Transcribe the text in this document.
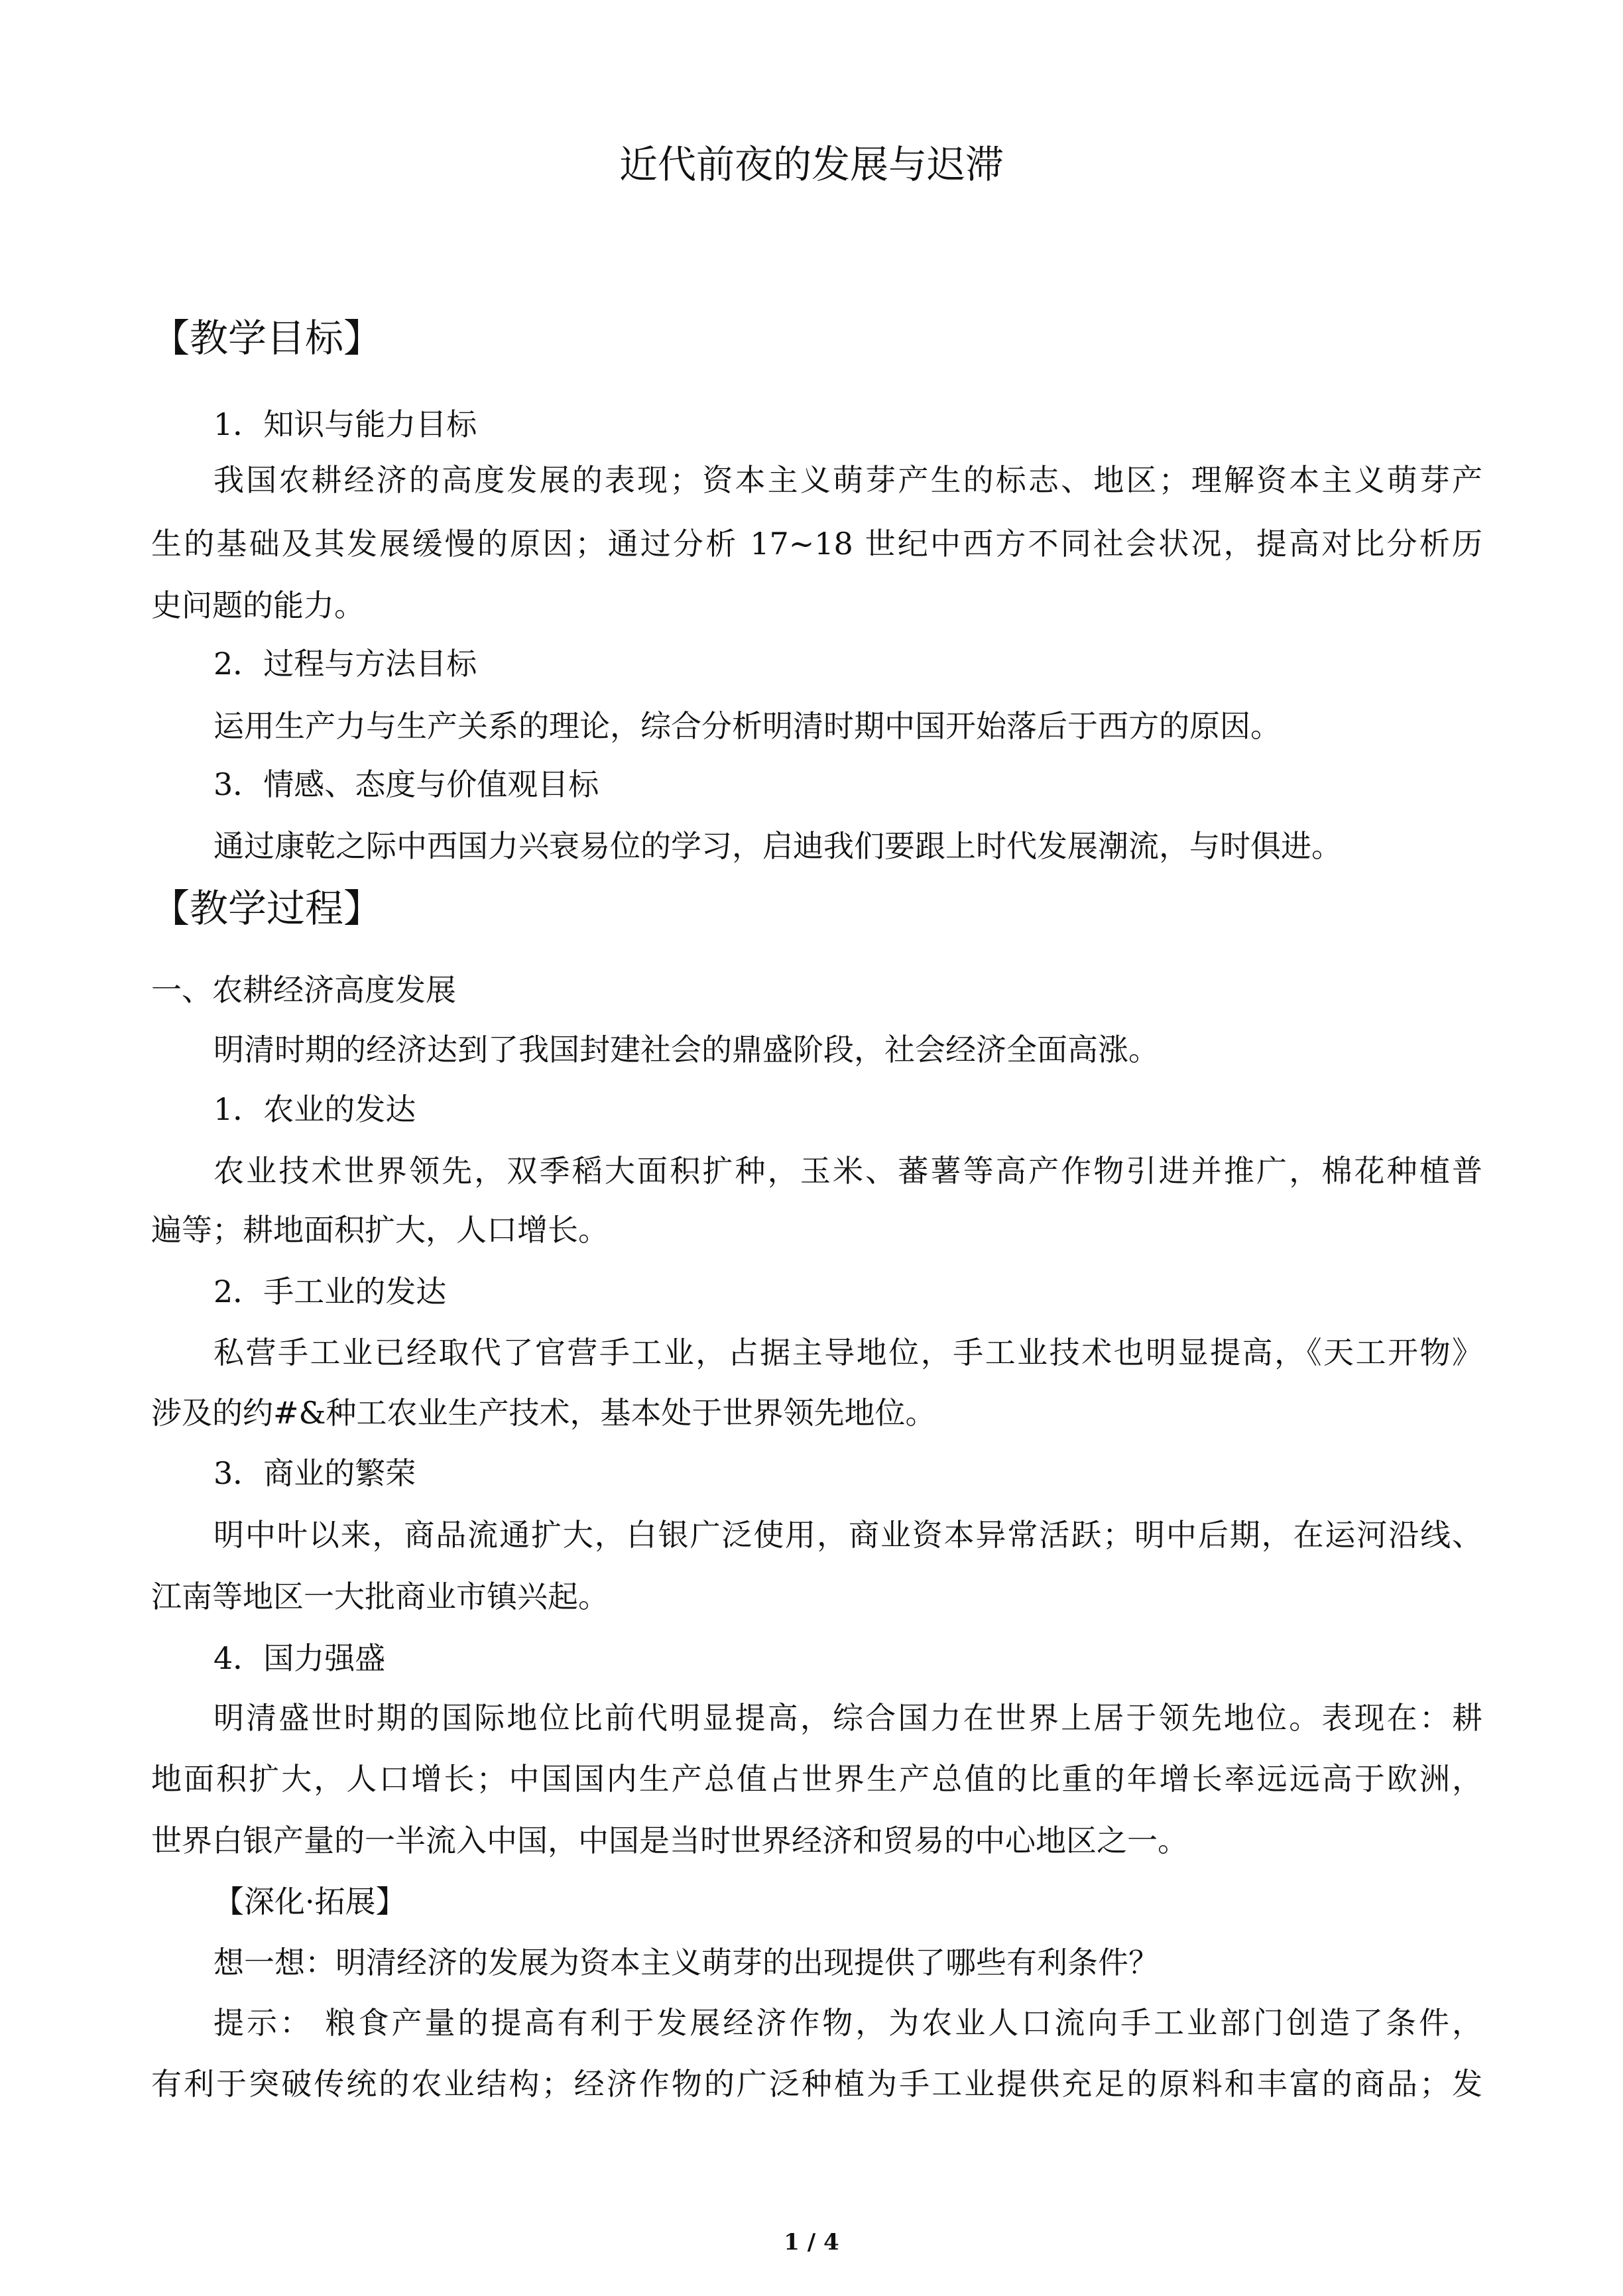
近代前夜的发展与迟滞
【教学目标】
1．知识与能力目标
我国农耕经济的高度发展的表现；资本主义萌芽产生的标志、地区；理解资本主义萌芽产
生的基础及其发展缓慢的原因；通过分析 17~18 世纪中西方不同社会状况，提高对比分析历
史问题的能力。
2．过程与方法目标
运用生产力与生产关系的理论，综合分析明清时期中国开始落后于西方的原因。
3．情感、态度与价值观目标
通过康乾之际中西国力兴衰易位的学习，启迪我们要跟上时代发展潮流，与时俱进。
【教学过程】
一、农耕经济高度发展
明清时期的经济达到了我国封建社会的鼎盛阶段，社会经济全面高涨。
1．农业的发达
农业技术世界领先，双季稻大面积扩种，玉米、蕃薯等高产作物引进并推广，棉花种植普
遍等；耕地面积扩大，人口增长。
2．手工业的发达
私营手工业已经取代了官营手工业，占据主导地位，手工业技术也明显提高，《天工开物》
涉及的约#&种工农业生产技术，基本处于世界领先地位。
3．商业的繁荣
明中叶以来，商品流通扩大，白银广泛使用，商业资本异常活跃；明中后期，在运河沿线、
江南等地区一大批商业市镇兴起。
4．国力强盛
明清盛世时期的国际地位比前代明显提高，综合国力在世界上居于领先地位。表现在：耕
地面积扩大，人口增长；中国国内生产总值占世界生产总值的比重的年增长率远远高于欧洲，
世界白银产量的一半流入中国，中国是当时世界经济和贸易的中心地区之一。
【深化·拓展】
想一想：明清经济的发展为资本主义萌芽的出现提供了哪些有利条件？
提示： 粮食产量的提高有利于发展经济作物，为农业人口流向手工业部门创造了条件，
有利于突破传统的农业结构；经济作物的广泛种植为手工业提供充足的原料和丰富的商品；发
1 / 4
